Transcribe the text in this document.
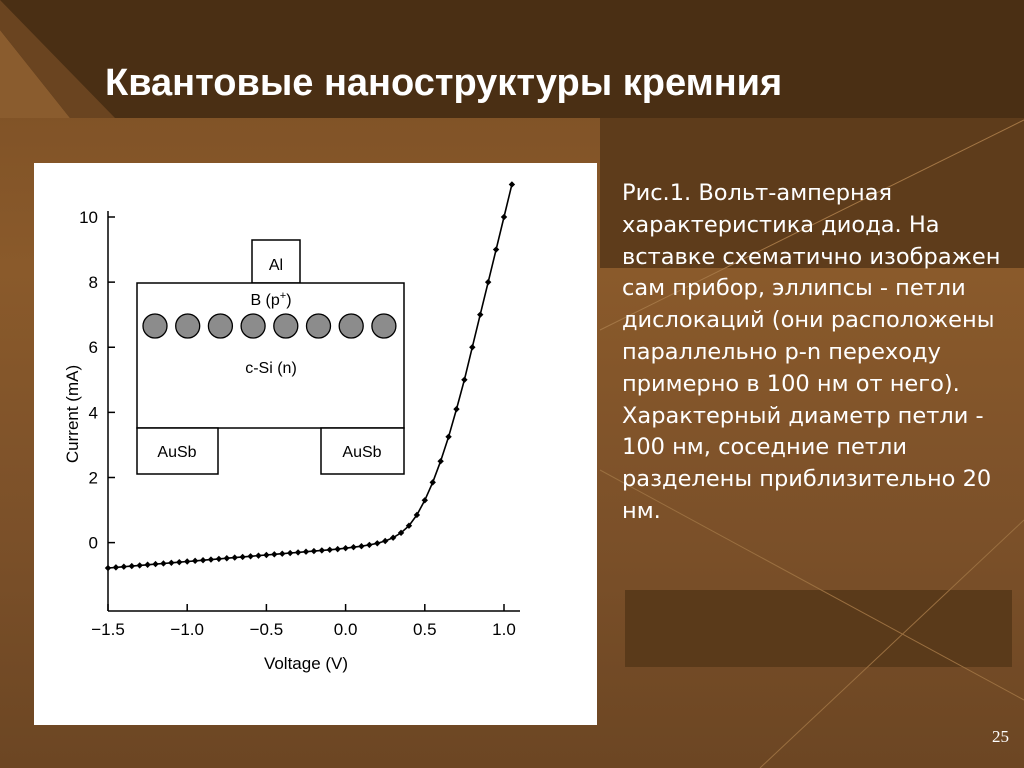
Квантовые наноструктуры кремния
−1.5	−1.0	−0.5	0.0	0.5	1.0
0
2
4
6
8
10
Voltage (V)
Current (mA)
Al
B (p+)
c-Si (n)
AuSb	AuSb

Рис.1. Вольт-амперная характеристика диода. На вставке схематично изображен сам прибор, эллипсы - петли дислокаций (они расположены параллельно p-n переходу примерно в 100 нм от него). Характерный диаметр петли - 100 нм, соседние петли разделены приблизительно 20 нм.

25
